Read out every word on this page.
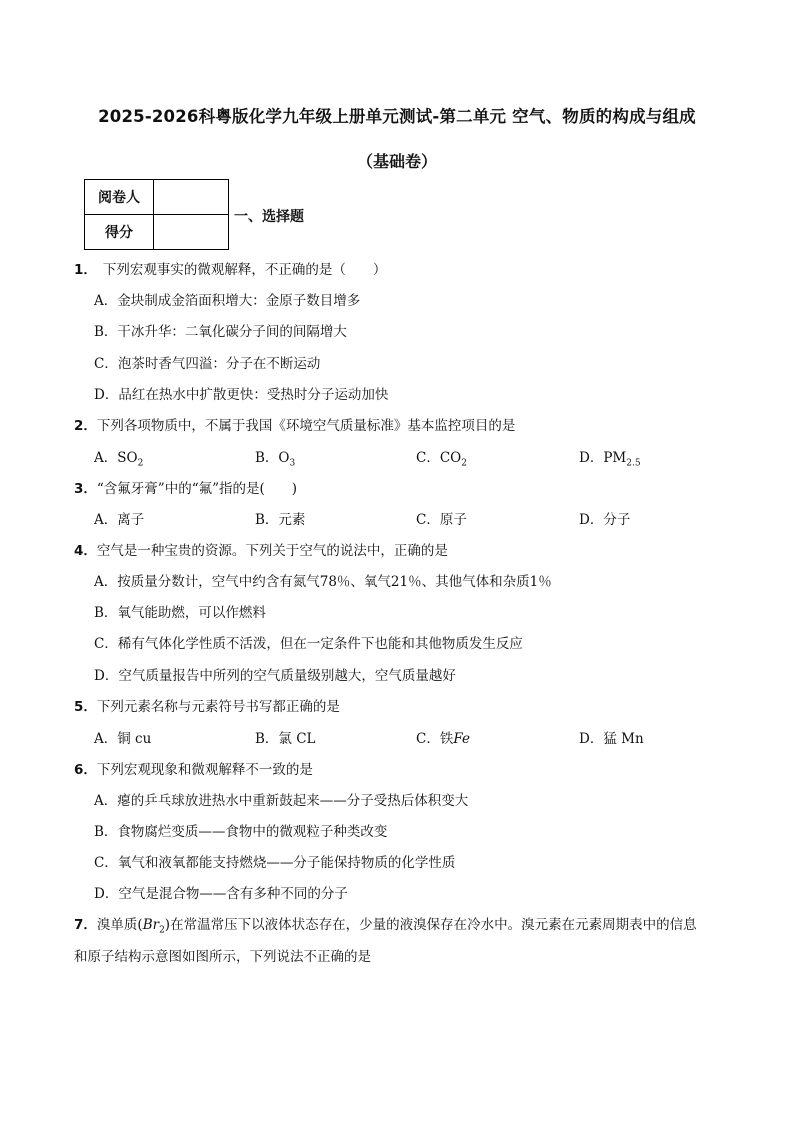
2025-2026科粤版化学九年级上册单元测试-第二单元 空气、物质的构成与组成
（基础卷）
阅卷人	
得分	
一、选择题
1． 下列宏观事实的微观解释，不正确的是（　　）
A．金块制成金箔面积增大：金原子数目增多
B．干冰升华：二氧化碳分子间的间隔增大
C．泡茶时香气四溢：分子在不断运动
D．品红在热水中扩散更快：受热时分子运动加快
2．下列各项物质中，不属于我国《环境空气质量标准》基本监控项目的是
A．$SO_2$	B．$O_3$	C．$CO_2$	D．$PM_{2.5}$
3．“含氟牙膏”中的“氟”指的是(　　)
A．离子	B．元素	C．原子	D．分子
4．空气是一种宝贵的资源。下列关于空气的说法中，正确的是
A．按质量分数计，空气中约含有氮气78％、氧气21％、其他气体和杂质1％
B．氧气能助燃，可以作燃料
C．稀有气体化学性质不活泼，但在一定条件下也能和其他物质发生反应
D．空气质量报告中所列的空气质量级别越大，空气质量越好
5．下列元素名称与元素符号书写都正确的是
A．铜 cu	B．氯 CL	C．铁Fe	D．猛 Mn
6．下列宏观现象和微观解释不一致的是
A．瘪的乒乓球放进热水中重新鼓起来——分子受热后体积变大
B．食物腐烂变质——食物中的微观粒子种类改变
C．氧气和液氧都能支持燃烧——分子能保持物质的化学性质
D．空气是混合物——含有多种不同的分子
7．溴单质$(Br_2)$在常温常压下以液体状态存在，少量的液溴保存在冷水中。溴元素在元素周期表中的信息
和原子结构示意图如图所示，下列说法不正确的是
